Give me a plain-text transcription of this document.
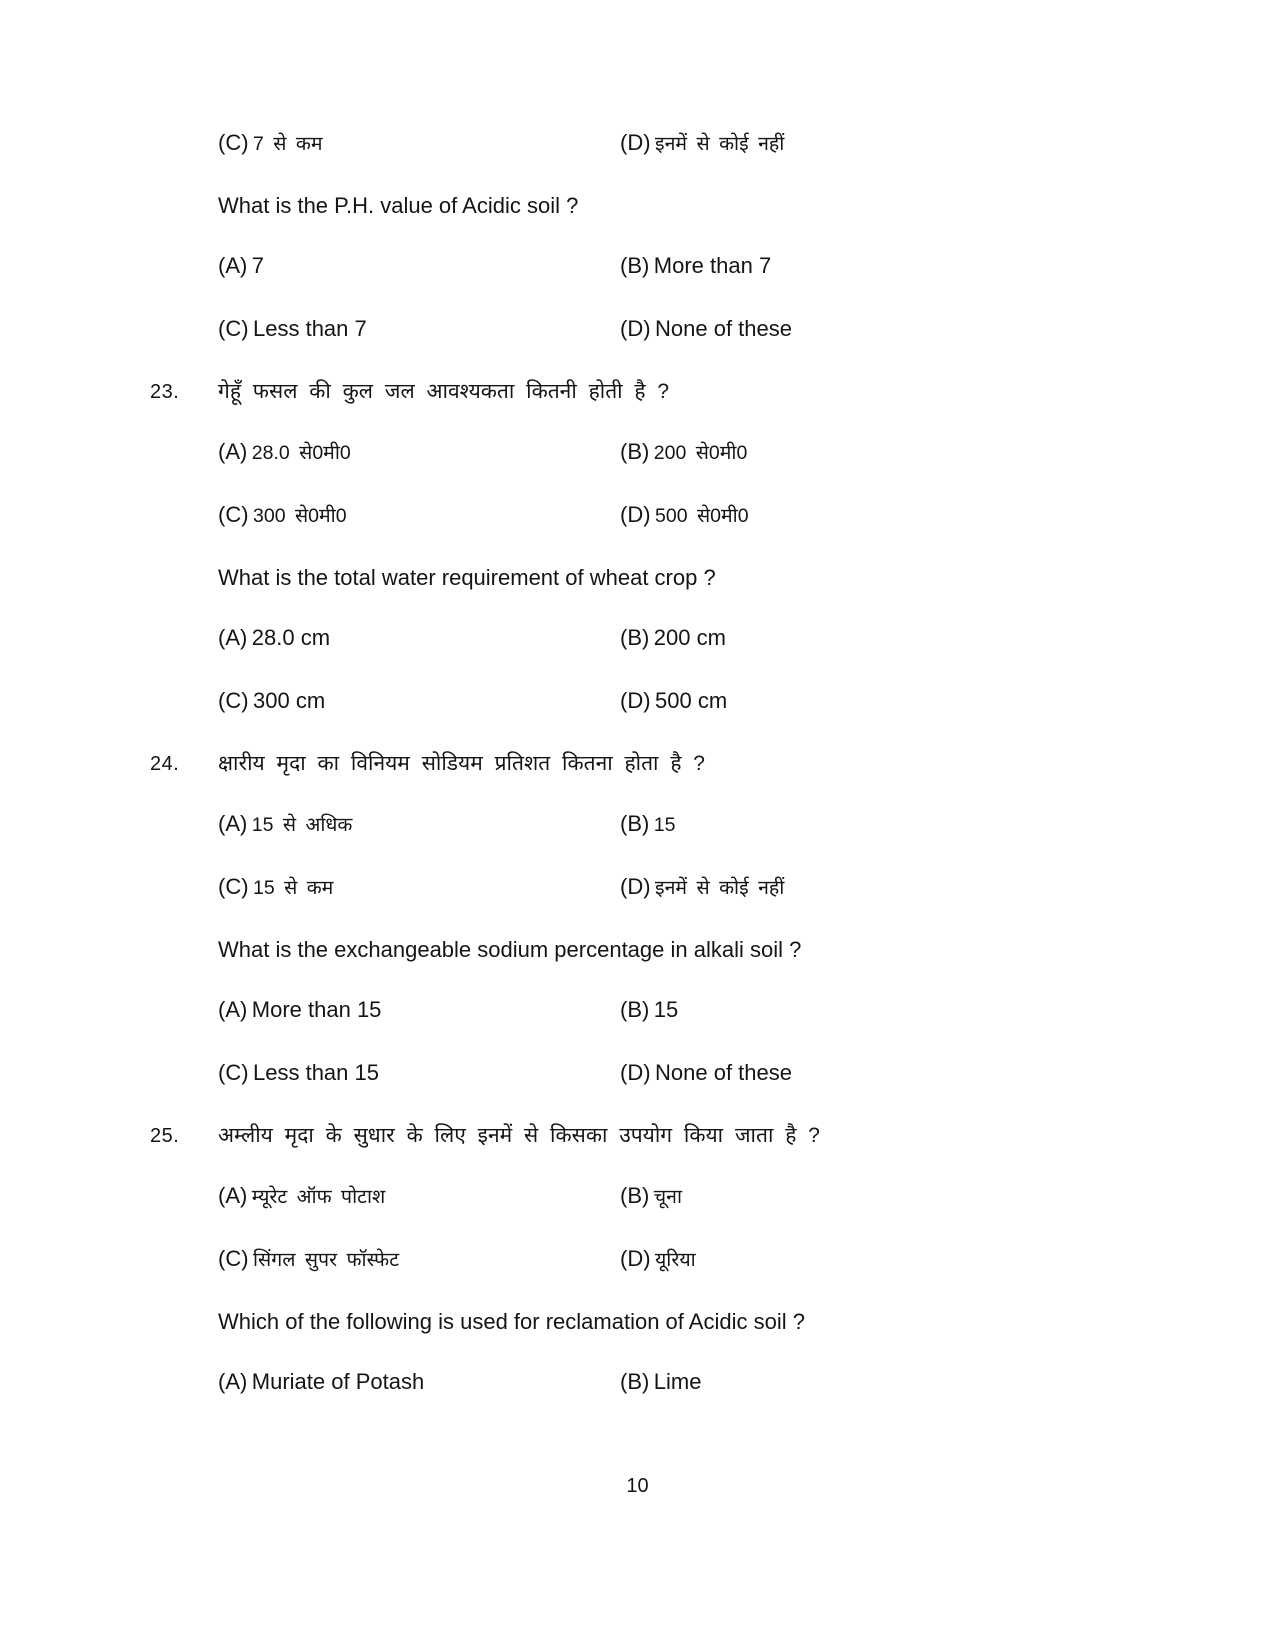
(C) 7 से कम	(D) इनमें से कोई नहीं
What is the P.H. value of Acidic soil ?
(A) 7	(B) More than 7
(C) Less than 7	(D) None of these
23.	गेहूँ फसल की कुल जल आवश्यकता कितनी होती है ?
(A) 28.0 से0मी0	(B) 200 से0मी0
(C) 300 से0मी0	(D) 500 से0मी0
What is the total water requirement of wheat crop ?
(A) 28.0 cm	(B) 200 cm
(C) 300 cm	(D) 500 cm
24.	क्षारीय मृदा का विनियम सोडियम प्रतिशत कितना होता है ?
(A) 15 से अधिक	(B) 15
(C) 15 से कम	(D) इनमें से कोई नहीं
What is the exchangeable sodium percentage in alkali soil ?
(A) More than 15	(B) 15
(C) Less than 15	(D) None of these
25.	अम्लीय मृदा के सुधार के लिए इनमें से किसका उपयोग किया जाता है ?
(A) म्यूरेट ऑफ पोटाश	(B) चूना
(C) सिंगल सुपर फॉस्फेट	(D) यूरिया
Which of the following is used for reclamation of Acidic soil ?
(A) Muriate of Potash	(B) Lime
10
